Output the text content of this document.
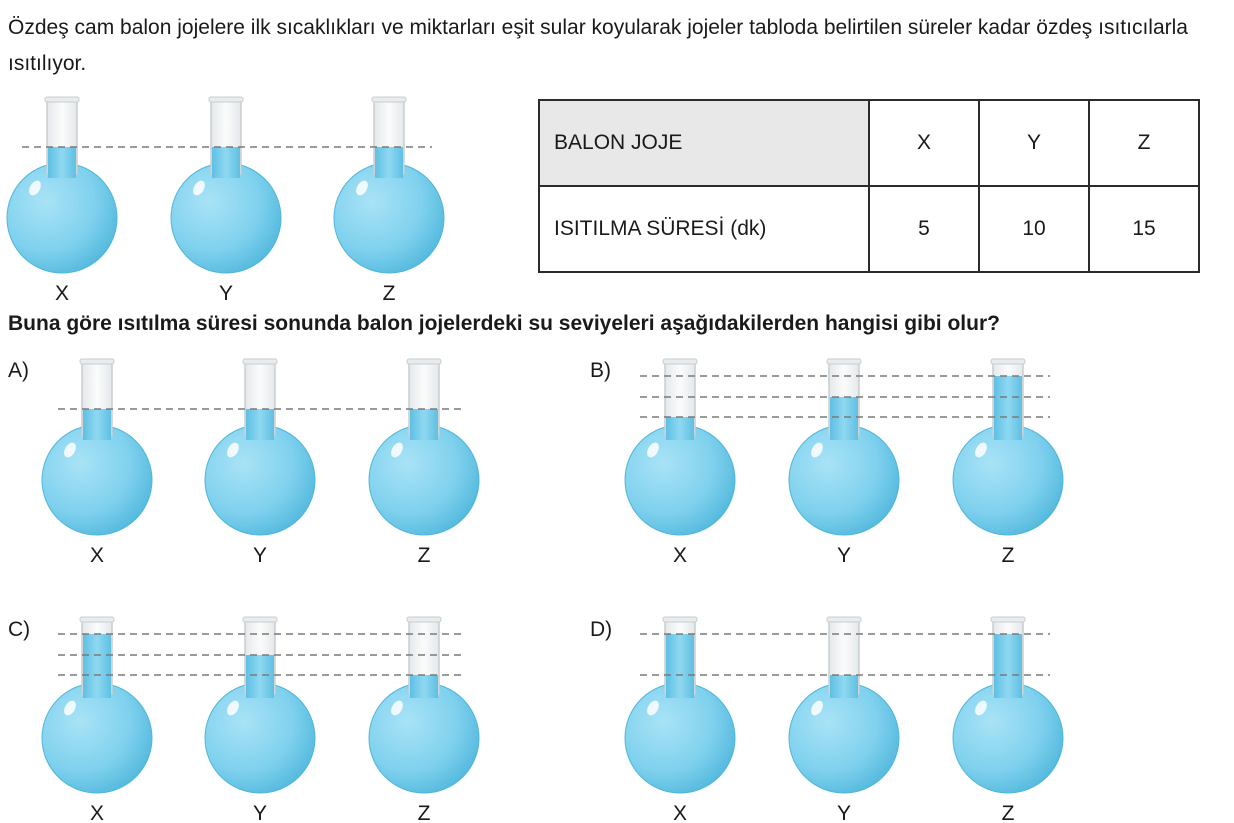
Özdeş cam balon jojelere ilk sıcaklıkları ve miktarları eşit sular koyularak jojeler tabloda belirtilen süreler kadar özdeş ısıtıcılarla ısıtılıyor.
X	Y	Z
X	Y	Z	X	Y	Z
X	Y	Z	X	Y	Z
BALON JOJE	X	Y	Z
ISITILMA SÜRESİ (dk)	5	10	15
Buna göre ısıtılma süresi sonunda balon jojelerdeki su seviyeleri aşağıdakilerden hangisi gibi olur?
A)	B)
C)	D)
